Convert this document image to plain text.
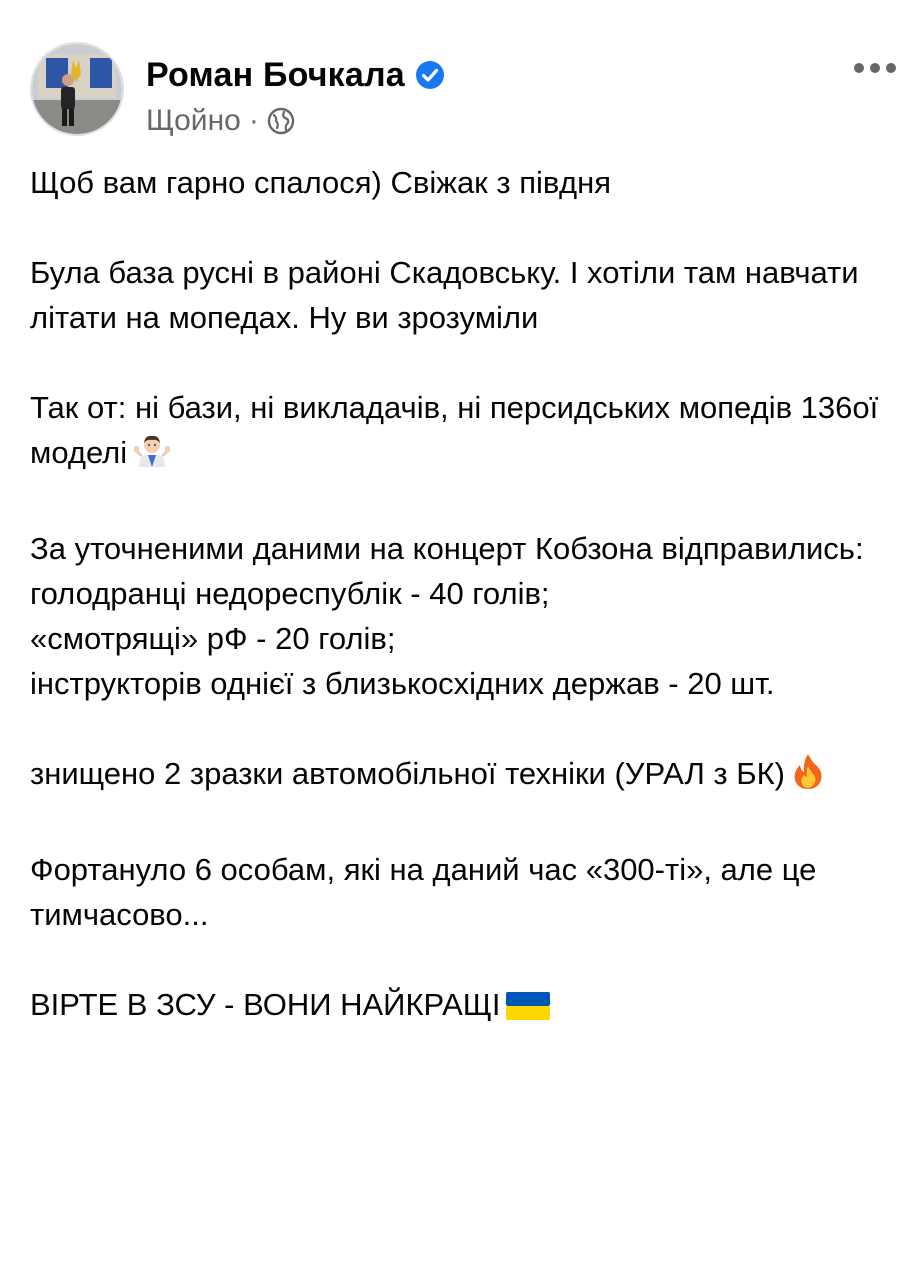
Роман Бочкала
Щойно ·

Щоб вам гарно спалося) Свіжак з півдня

Була база русні в районі Скадовську. І хотіли там навчати літати на мопедах. Ну ви зрозуміли

Так от: ні бази, ні викладачів, ні персидських мопедів 136ої моделі

За уточненими даними на концерт Кобзона відправились:
голодранці недореспублік - 40 голів;
«смотрящі» рФ - 20 голів;
інструкторів однієї з близькосхідних держав - 20 шт.

знищено 2 зразки автомобільної техніки (УРАЛ з БК)

Фортануло 6 особам, які на даний час «300-ті», але це тимчасово...

ВІРТЕ В ЗСУ - ВОНИ НАЙКРАЩІ
